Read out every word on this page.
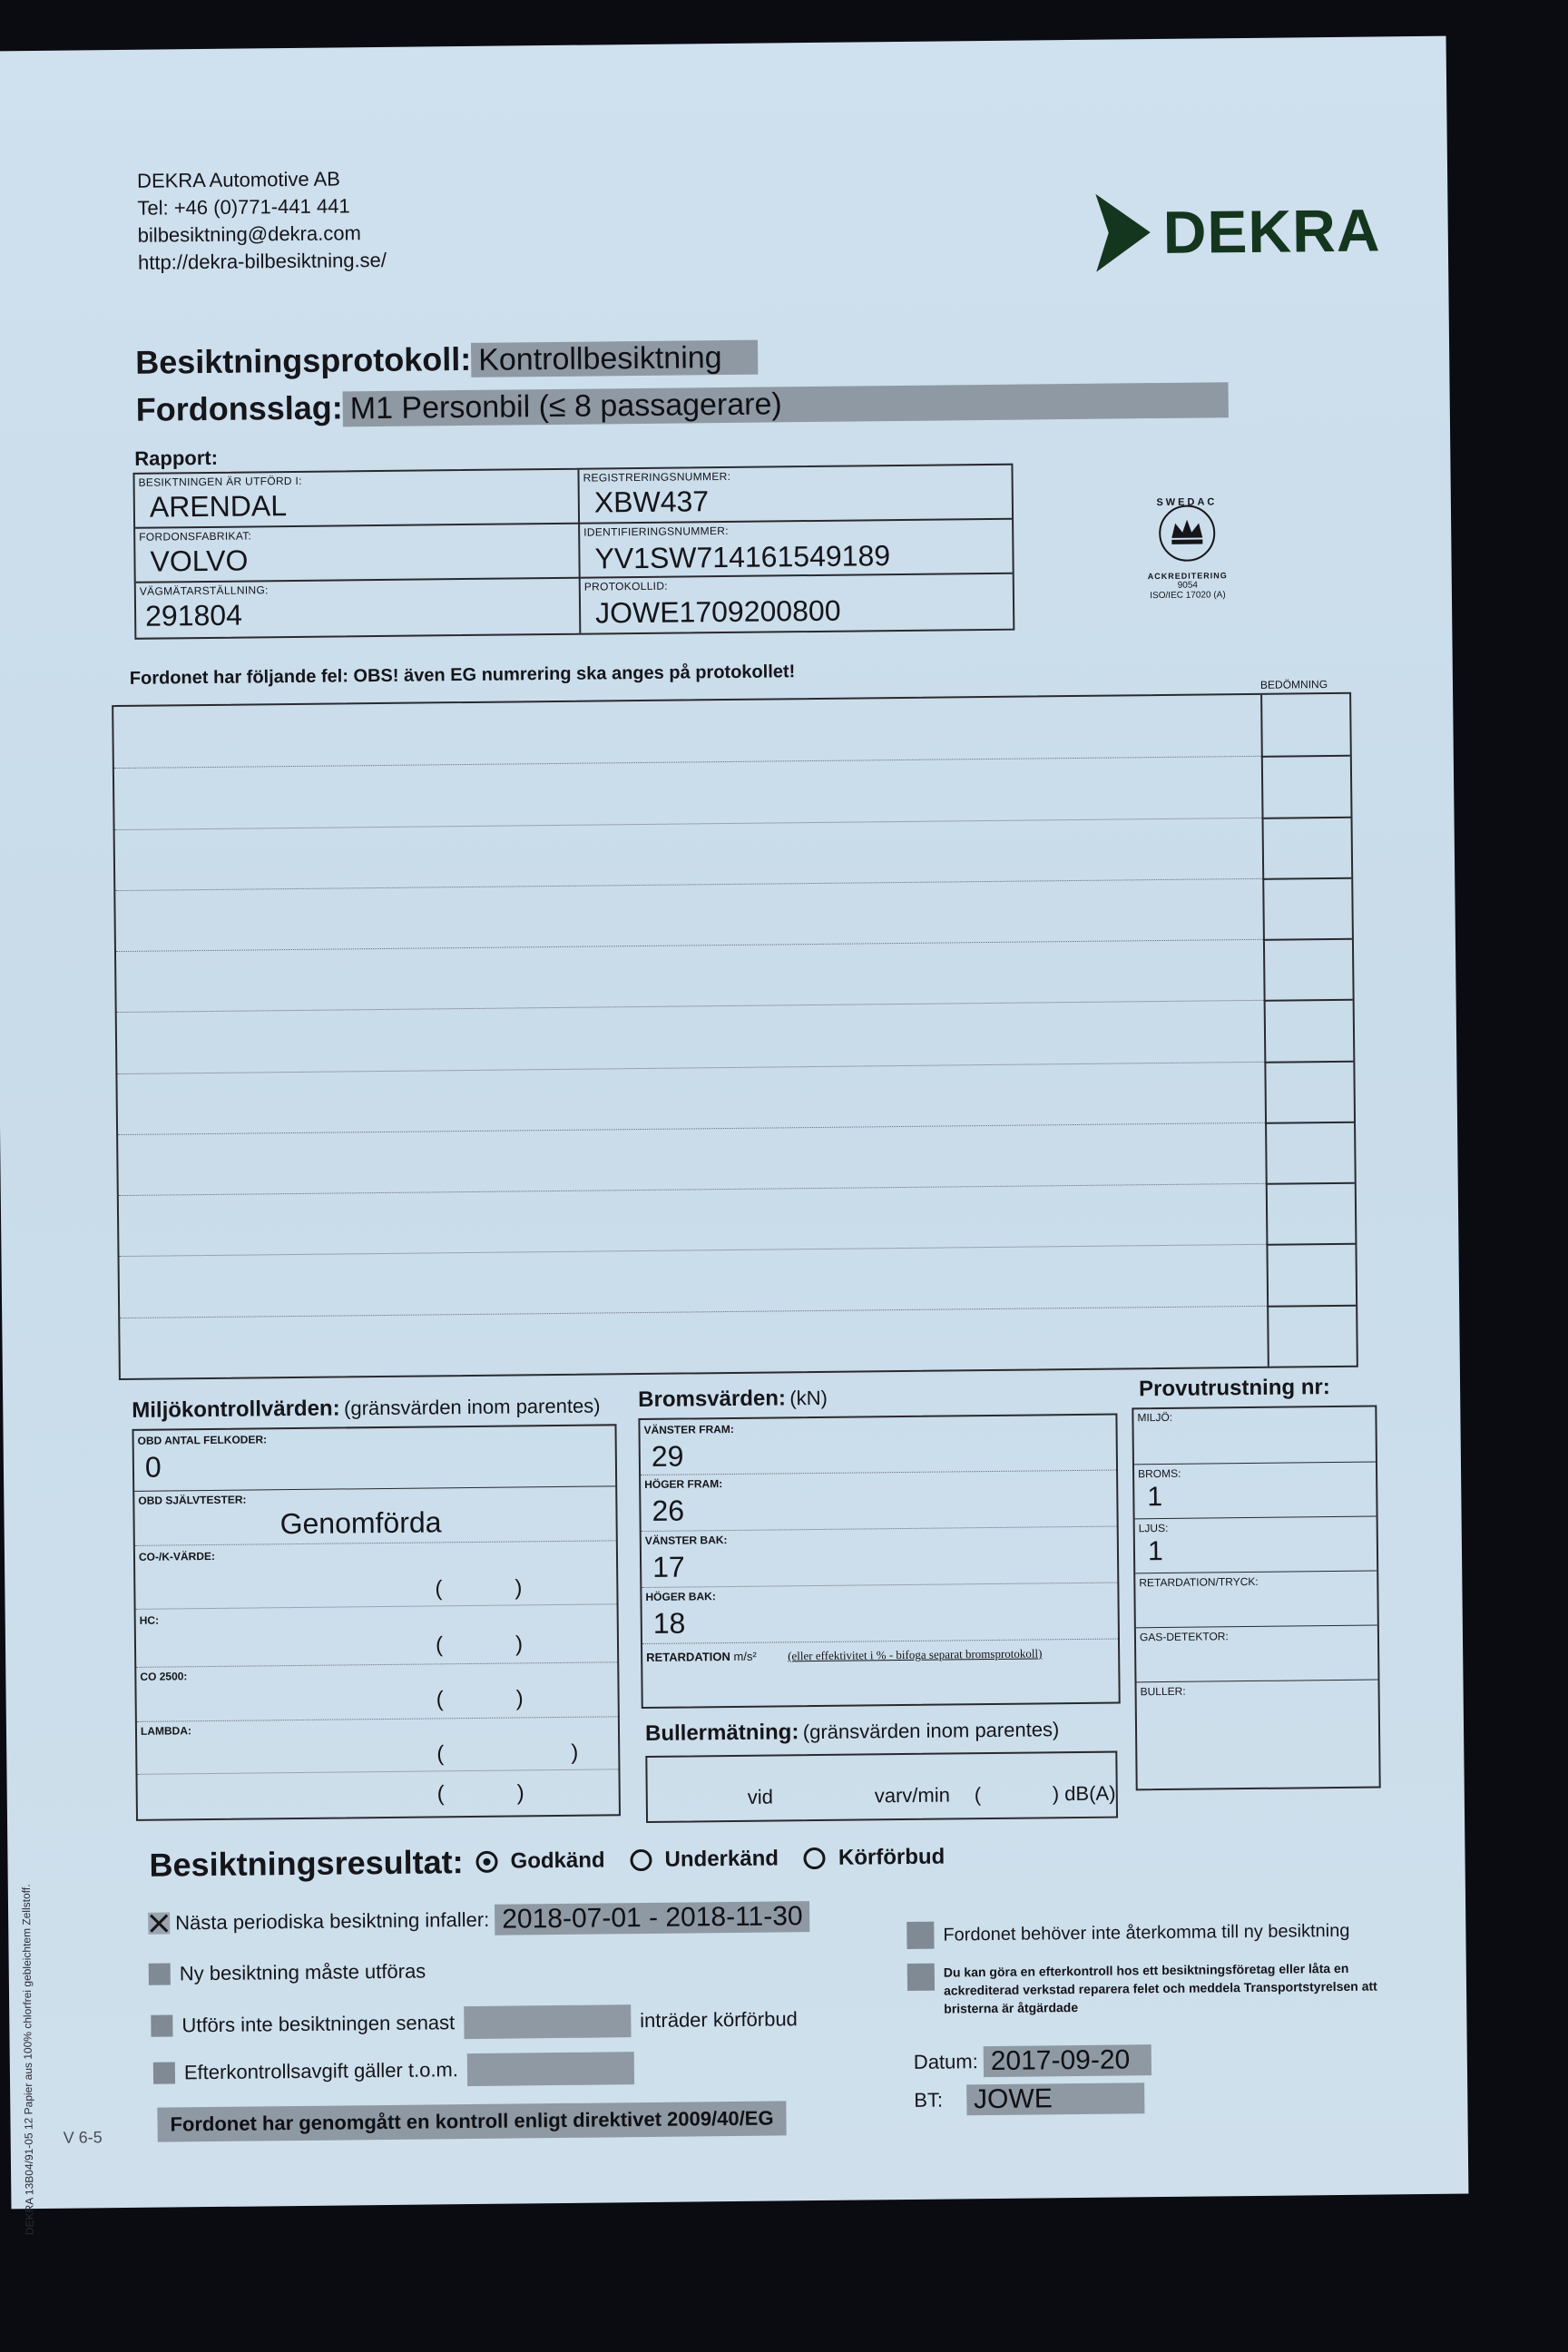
DEKRA Automotive AB
Tel: +46 (0)771-441 441
bilbesiktning@dekra.com
http://dekra-bilbesiktning.se/	DEKRA
Besiktningsprotokoll: Kontrollbesiktning
Fordonsslag: M1 Personbil (≤ 8 passagerare)
Rapport:
BESIKTNINGEN ÄR UTFÖRD I:
ARENDAL
REGISTRERINGSNUMMER:
XBW437
FORDONSFABRIKAT:
VOLVO
IDENTIFIERINGSNUMMER:
YV1SW714161549189
VÄGMÄTARSTÄLLNING:
291804
PROTOKOLLID:
JOWE1709200800
SWEDAC
ACKREDITERING
9054
ISO/IEC 17020 (A)
Fordonet har följande fel: OBS! även EG numrering ska anges på protokollet!	BEDÖMNING
Miljökontrollvärden: (gränsvärden inom parentes)
OBD ANTAL FELKODER:
0
OBD SJÄLVTESTER:
Genomförda
CO-/K-VÄRDE:
(	)
HC:
(	)
CO 2500:
(	)
LAMBDA:
(	)
(	)
Bromsvärden: (kN)
VÄNSTER FRAM:
29
HÖGER FRAM:
26
VÄNSTER BAK:
17
HÖGER BAK:
18
RETARDATION m/s²	(eller effektivitet i % - bifoga separat bromsprotokoll)
Bullermätning: (gränsvärden inom parentes)
vid	varv/min (	) dB(A)
Provutrustning nr:
MILJÖ:
BROMS:
1
LJUS:
1
RETARDATION/TRYCK:
GAS-DETEKTOR:
BULLER:
Besiktningsresultat: Godkänd	Underkänd	Körförbud
Nästa periodiska besiktning infaller: 2018-07-01 - 2018-11-30
Ny besiktning måste utföras
Utförs inte besiktningen senast	inträder körförbud
Efterkontrollsavgift gäller t.o.m.
Fordonet har genomgått en kontroll enligt direktivet 2009/40/EG
Fordonet behöver inte återkomma till ny besiktning
Du kan göra en efterkontroll hos ett besiktningsföretag eller låta en ackrediterad verkstad reparera felet och meddela Transportstyrelsen att bristerna är åtgärdade
Datum: 2017-09-20
BT: JOWE
V 6-5
DEKRA 13B04/91-05 12 Papier aus 100% chlorfrei gebleichtem Zellstoff.
